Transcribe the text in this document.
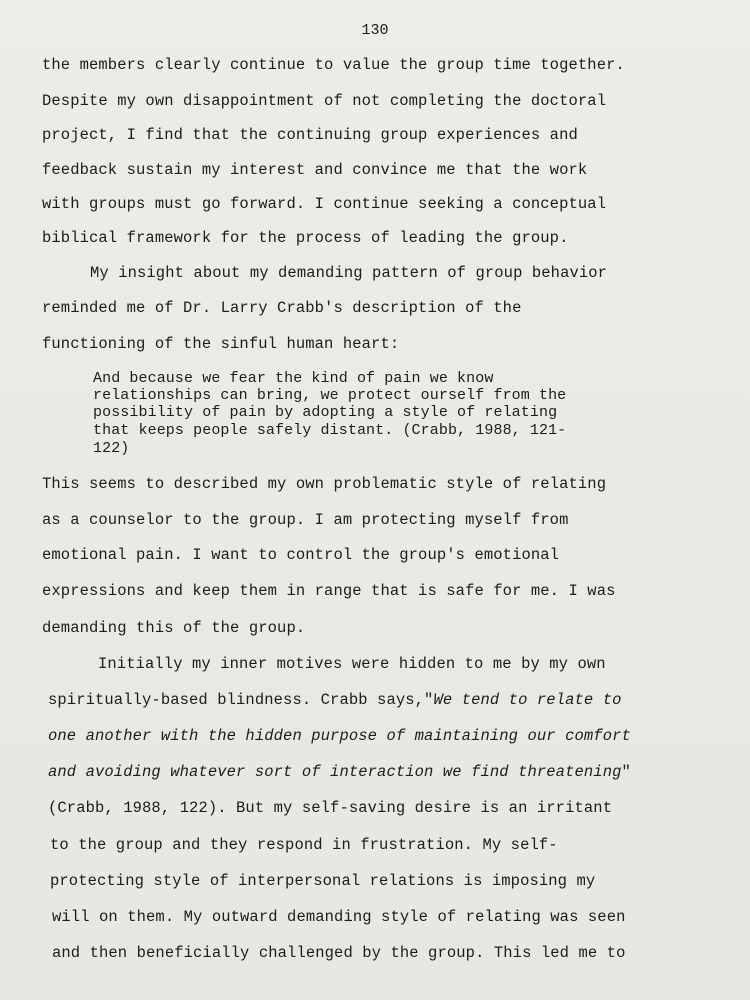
130
the members clearly continue to value the group time together.
Despite my own disappointment of not completing the doctoral
project, I find that the continuing group experiences and
feedback sustain my interest and convince me that the work
with groups must go forward. I continue seeking a conceptual
biblical framework for the process of leading the group.
My insight about my demanding pattern of group behavior
reminded me of Dr. Larry Crabb's description of the
functioning of the sinful human heart:
And because we fear the kind of pain we know
relationships can bring, we protect ourself from the
possibility of pain by adopting a style of relating
that keeps people safely distant. (Crabb, 1988, 121-
122)
This seems to described my own problematic style of relating
as a counselor to the group. I am protecting myself from
emotional pain. I want to control the group's emotional
expressions and keep them in range that is safe for me. I was
demanding this of the group.
Initially my inner motives were hidden to me by my own
spiritually-based blindness. Crabb says,"We tend to relate to
one another with the hidden purpose of maintaining our comfort
and avoiding whatever sort of interaction we find threatening"
(Crabb, 1988, 122). But my self-saving desire is an irritant
to the group and they respond in frustration. My self-
protecting style of interpersonal relations is imposing my
will on them. My outward demanding style of relating was seen
and then beneficially challenged by the group. This led me to
